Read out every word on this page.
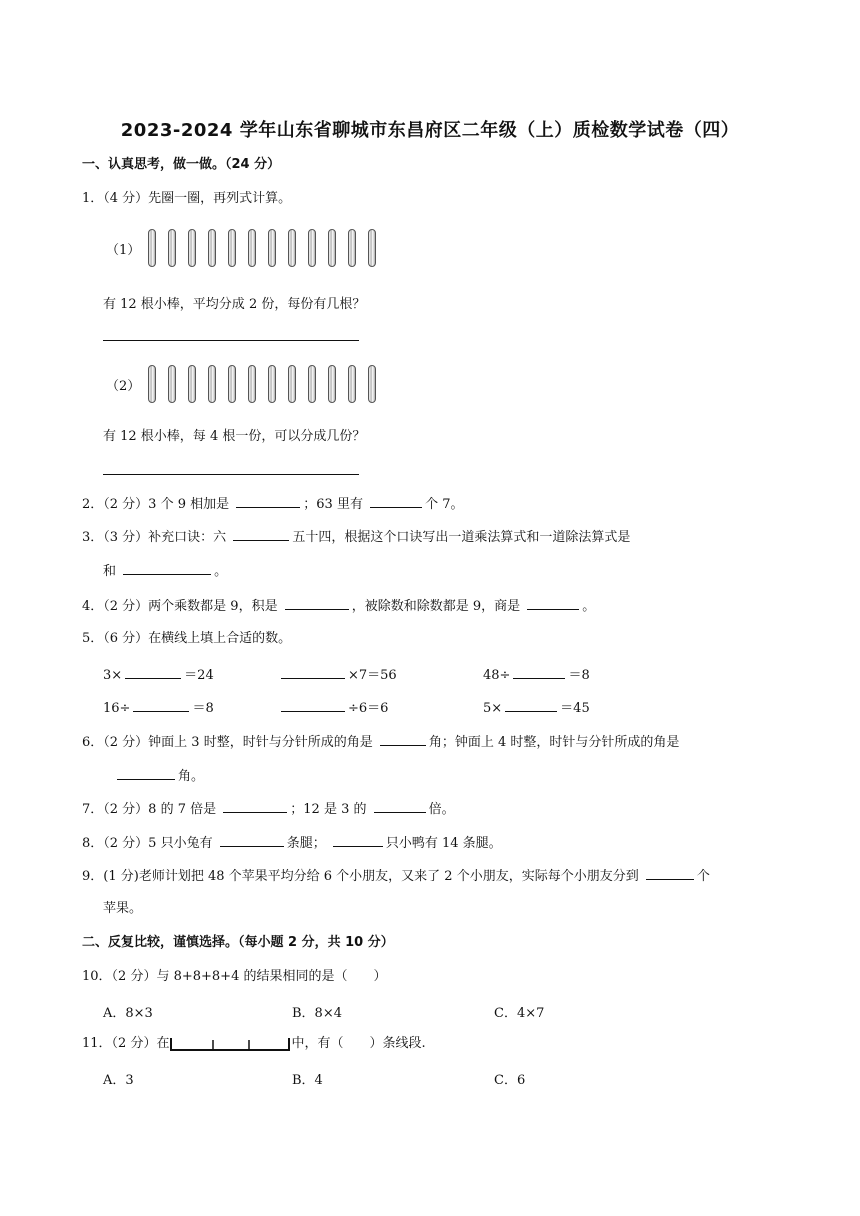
2023-2024 学年山东省聊城市东昌府区二年级（上）质检数学试卷（四）
一、认真思考，做一做。（24 分）
1．（4 分）先圈一圈，再列式计算。
（1）
有 12 根小棒，平均分成 2 份，每份有几根？
（2）
有 12 根小棒，每 4 根一份，可以分成几份？
2．（2 分）3 个 9 相加是	；63 里有	个 7。
3．（3 分）补充口诀：六	五十四，根据这个口诀写出一道乘法算式和一道除法算式是
和	。
4．（2 分）两个乘数都是 9，积是	，被除数和除数都是 9，商是	。
5．（6 分）在横线上填上合适的数。
3×	＝24	×7＝56	48÷	＝8
16÷	＝8	÷6＝6	5×	＝45
6．（2 分）钟面上 3 时整，时针与分针所成的角是	角；钟面上 4 时整，时针与分针所成的角是
角。
7．（2 分）8 的 7 倍是	；12 是 3 的	倍。
8．（2 分）5 只小兔有	条腿；	只小鸭有 14 条腿。
9．(1 分)老师计划把 48 个苹果平均分给 6 个小朋友，又来了 2 个小朋友，实际每个小朋友分到	个
苹果。
二、反复比较，谨慎选择。（每小题 2 分，共 10 分）
10．（2 分）与 8+8+8+4 的结果相同的是（　　）
A．8×3	B．8×4	C．4×7
11．（2 分）在	中，有（　　）条线段.
A．3	B．4	C．6
